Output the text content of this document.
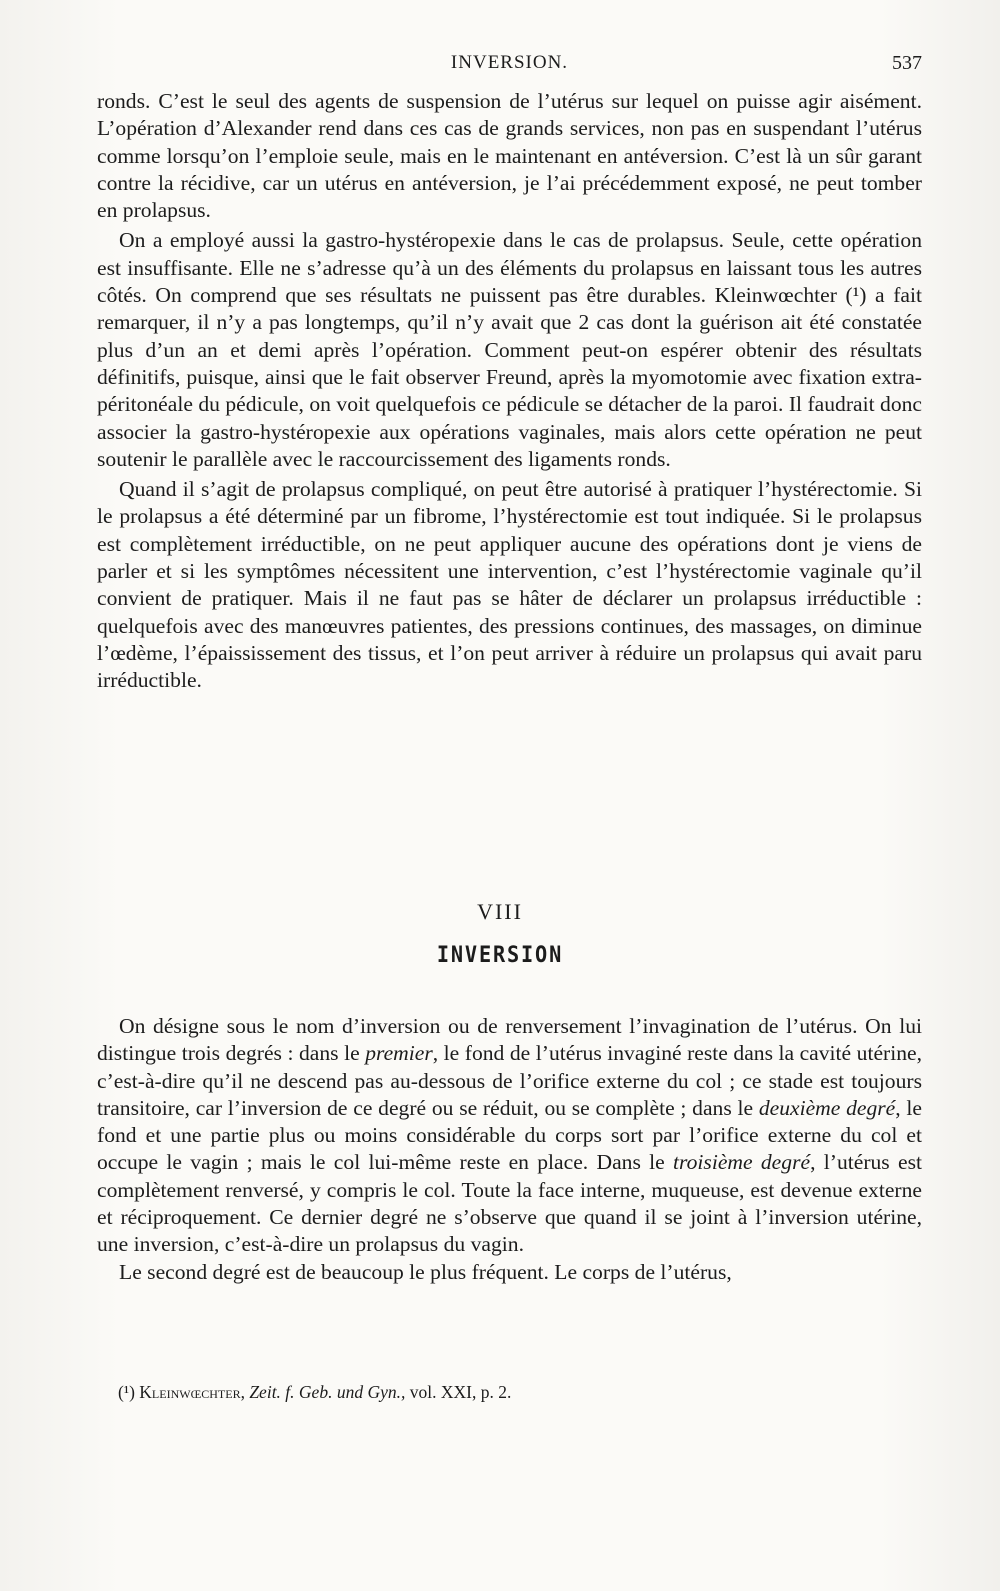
INVERSION.	537

ronds. C’est le seul des agents de suspension de l’utérus sur lequel on puisse agir aisément. L’opération d’Alexander rend dans ces cas de grands services, non pas en suspendant l’utérus comme lorsqu’on l’emploie seule, mais en le maintenant en antéversion. C’est là un sûr garant contre la récidive, car un utérus en antéversion, je l’ai précédemment exposé, ne peut tomber en prolapsus.

On a employé aussi la gastro-hystéropexie dans le cas de prolapsus. Seule, cette opération est insuffisante. Elle ne s’adresse qu’à un des éléments du prolapsus en laissant tous les autres côtés. On comprend que ses résultats ne puissent pas être durables. Kleinwœchter (¹) a fait remarquer, il n’y a pas longtemps, qu’il n’y avait que 2 cas dont la guérison ait été constatée plus d’un an et demi après l’opération. Comment peut-on espérer obtenir des résultats définitifs, puisque, ainsi que le fait observer Freund, après la myomotomie avec fixation extra-péritonéale du pédicule, on voit quelquefois ce pédicule se détacher de la paroi. Il faudrait donc associer la gastro-hystéropexie aux opérations vaginales, mais alors cette opération ne peut soutenir le parallèle avec le raccourcissement des ligaments ronds.

Quand il s’agit de prolapsus compliqué, on peut être autorisé à pratiquer l’hystérectomie. Si le prolapsus a été déterminé par un fibrome, l’hystérectomie est tout indiquée. Si le prolapsus est complètement irréductible, on ne peut appliquer aucune des opérations dont je viens de parler et si les symptômes nécessitent une intervention, c’est l’hystérectomie vaginale qu’il convient de pratiquer. Mais il ne faut pas se hâter de déclarer un prolapsus irréductible : quelquefois avec des manœuvres patientes, des pressions continues, des massages, on diminue l’œdème, l’épaississement des tissus, et l’on peut arriver à réduire un prolapsus qui avait paru irréductible.

VIII
INVERSION

On désigne sous le nom d’inversion ou de renversement l’invagination de l’utérus. On lui distingue trois degrés : dans le premier, le fond de l’utérus invaginé reste dans la cavité utérine, c’est-à-dire qu’il ne descend pas au-dessous de l’orifice externe du col ; ce stade est toujours transitoire, car l’inversion de ce degré ou se réduit, ou se complète ; dans le deuxième degré, le fond et une partie plus ou moins considérable du corps sort par l’orifice externe du col et occupe le vagin ; mais le col lui-même reste en place. Dans le troisième degré, l’utérus est complètement renversé, y compris le col. Toute la face interne, muqueuse, est devenue externe et réciproquement. Ce dernier degré ne s’observe que quand il se joint à l’inversion utérine, une inversion, c’est-à-dire un prolapsus du vagin.

Le second degré est de beaucoup le plus fréquent. Le corps de l’utérus,

(¹) Kleinwœchter, Zeit. f. Geb. und Gyn., vol. XXI, p. 2.
